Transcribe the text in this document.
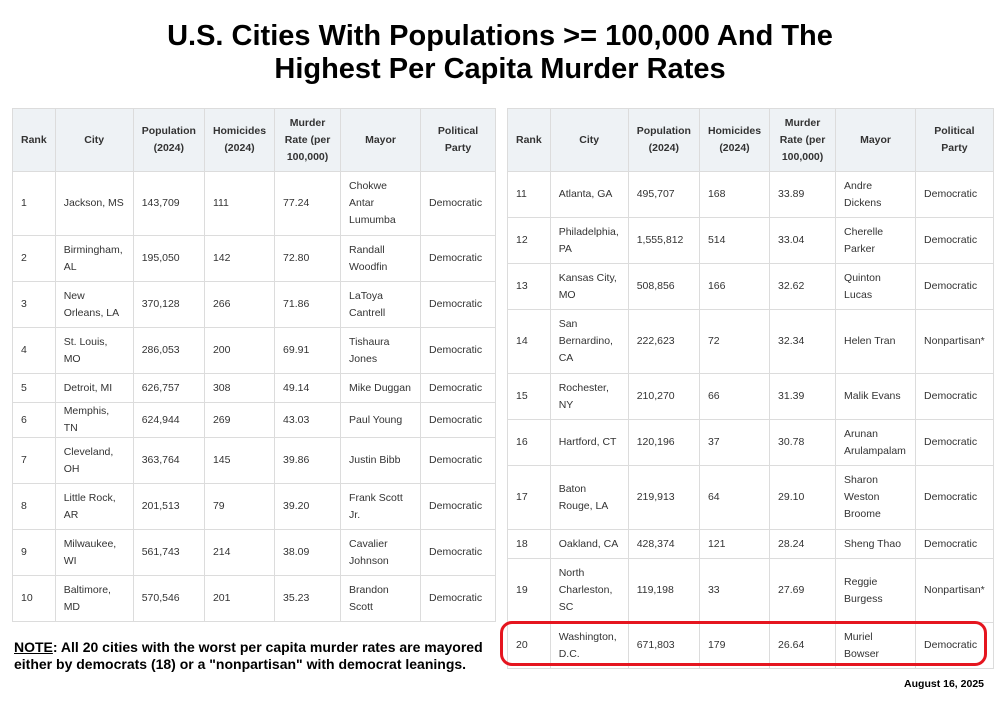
U.S. Cities With Populations >= 100,000 And The
Highest Per Capita Murder Rates
Rank	City	Population (2024)	Homicides (2024)	Murder Rate (per 100,000)	Mayor	Political Party
1	Jackson, MS	143,709	111	77.24	Chokwe Antar Lumumba	Democratic
2	Birmingham, AL	195,050	142	72.80	Randall Woodfin	Democratic
3	New Orleans, LA	370,128	266	71.86	LaToya Cantrell	Democratic
4	St. Louis, MO	286,053	200	69.91	Tishaura Jones	Democratic
5	Detroit, MI	626,757	308	49.14	Mike Duggan	Democratic
6	Memphis, TN	624,944	269	43.03	Paul Young	Democratic
7	Cleveland, OH	363,764	145	39.86	Justin Bibb	Democratic
8	Little Rock, AR	201,513	79	39.20	Frank Scott Jr.	Democratic
9	Milwaukee, WI	561,743	214	38.09	Cavalier Johnson	Democratic
10	Baltimore, MD	570,546	201	35.23	Brandon Scott	Democratic
Rank	City	Population (2024)	Homicides (2024)	Murder Rate (per 100,000)	Mayor	Political Party
11	Atlanta, GA	495,707	168	33.89	Andre Dickens	Democratic
12	Philadelphia, PA	1,555,812	514	33.04	Cherelle Parker	Democratic
13	Kansas City, MO	508,856	166	32.62	Quinton Lucas	Democratic
14	San Bernardino, CA	222,623	72	32.34	Helen Tran	Nonpartisan*
15	Rochester, NY	210,270	66	31.39	Malik Evans	Democratic
16	Hartford, CT	120,196	37	30.78	Arunan Arulampalam	Democratic
17	Baton Rouge, LA	219,913	64	29.10	Sharon Weston Broome	Democratic
18	Oakland, CA	428,374	121	28.24	Sheng Thao	Democratic
19	North Charleston, SC	119,198	33	27.69	Reggie Burgess	Nonpartisan*
20	Washington, D.C.	671,803	179	26.64	Muriel Bowser	Democratic
NOTE: All 20 cities with the worst per capita murder rates are mayored either by democrats (18) or a "nonpartisan" with democrat leanings.
August 16, 2025
